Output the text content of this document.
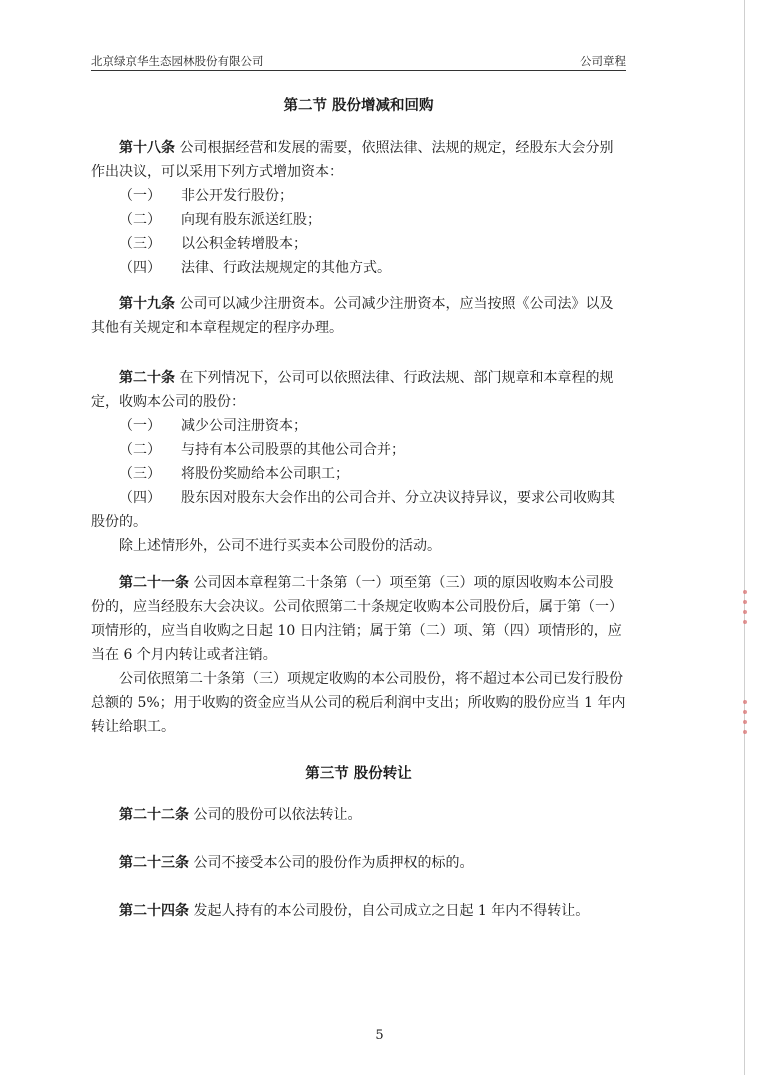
北京绿京华生态园林股份有限公司	公司章程
第二节 股份增减和回购

第十八条 公司根据经营和发展的需要，依照法律、法规的规定，经股东大会分别作出决议，可以采用下列方式增加资本：

（一） 非公开发行股份；

（二） 向现有股东派送红股；

（三） 以公积金转增股本；

（四） 法律、行政法规规定的其他方式。

第十九条 公司可以减少注册资本。公司减少注册资本，应当按照《公司法》以及其他有关规定和本章程规定的程序办理。

第二十条 在下列情况下，公司可以依照法律、行政法规、部门规章和本章程的规定，收购本公司的股份：

（一） 减少公司注册资本；

（二） 与持有本公司股票的其他公司合并；

（三） 将股份奖励给本公司职工；

（四） 股东因对股东大会作出的公司合并、分立决议持异议，要求公司收购其股份的。

除上述情形外，公司不进行买卖本公司股份的活动。

第二十一条 公司因本章程第二十条第（一）项至第（三）项的原因收购本公司股份的，应当经股东大会决议。公司依照第二十条规定收购本公司股份后，属于第（一）项情形的，应当自收购之日起 10 日内注销；属于第（二）项、第（四）项情形的，应当在 6 个月内转让或者注销。

公司依照第二十条第（三）项规定收购的本公司股份，将不超过本公司已发行股份总额的 5%；用于收购的资金应当从公司的税后利润中支出；所收购的股份应当 1 年内转让给职工。

第三节 股份转让

第二十二条 公司的股份可以依法转让。

第二十三条 公司不接受本公司的股份作为质押权的标的。

第二十四条 发起人持有的本公司股份，自公司成立之日起 1 年内不得转让。

5
